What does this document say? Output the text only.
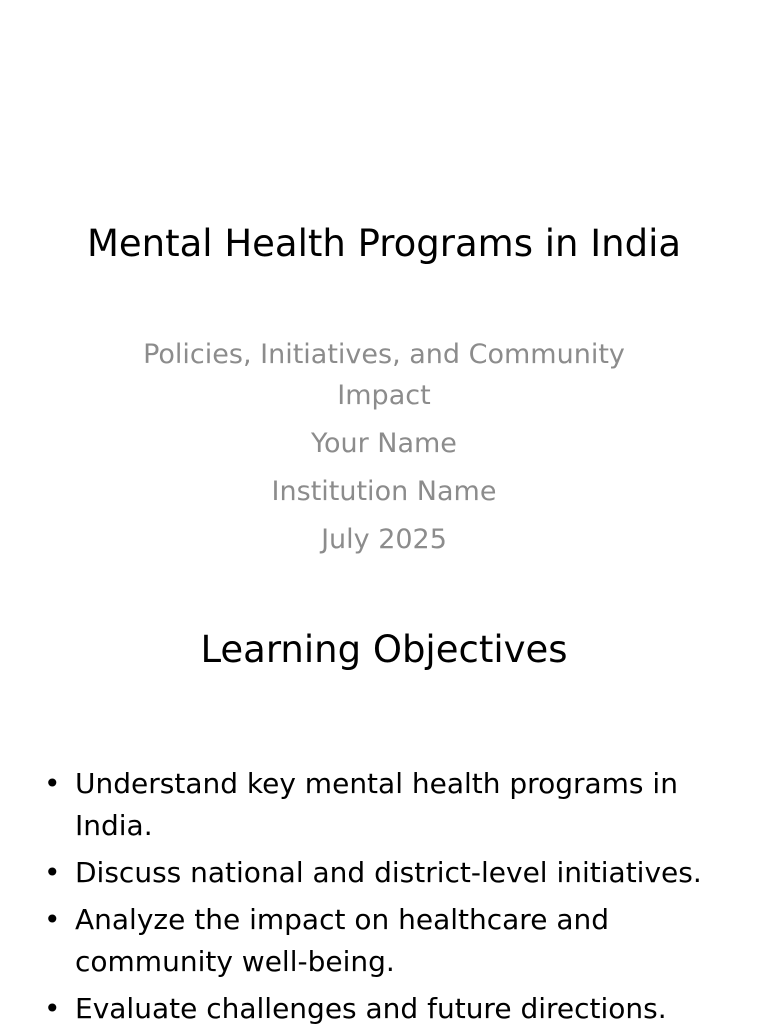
Mental Health Programs in India
Policies, Initiatives, and Community Impact
Your Name
Institution Name
July 2025
Learning Objectives
• Understand key mental health programs in India.
• Discuss national and district-level initiatives.
• Analyze the impact on healthcare and community well-being.
• Evaluate challenges and future directions.
